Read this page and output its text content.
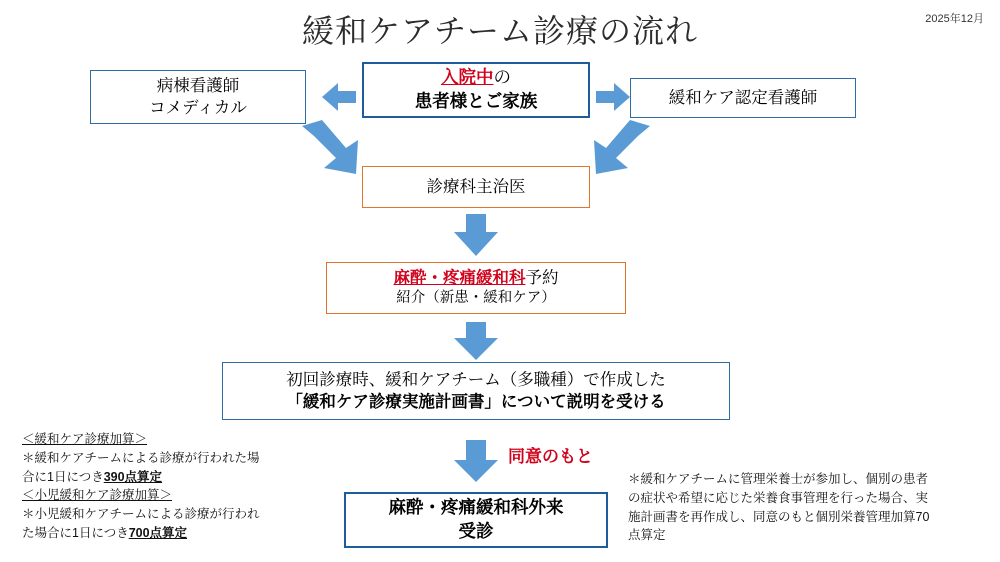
緩和ケアチーム診療の流れ	2025年12月
入院中の
患者様とご家族
病棟看護師
コメディカル
緩和ケア認定看護師
診療科主治医
麻酔・疼痛緩和科予約
紹介（新患・緩和ケア）
初回診療時、緩和ケアチーム（多職種）で作成した
「緩和ケア診療実施計画書」について説明を受ける
同意のもと
麻酔・疼痛緩和科外来
受診
＜緩和ケア診療加算＞
＊緩和ケアチームによる診療が行われた場
合に1日につき390点算定
＜小児緩和ケア診療加算＞
＊小児緩和ケアチームによる診療が行われ
た場合に1日につき700点算定
＊緩和ケアチームに管理栄養士が参加し、個別の患者
の症状や希望に応じた栄養食事管理を行った場合、実
施計画書を再作成し、同意のもと個別栄養管理加算70
点算定
